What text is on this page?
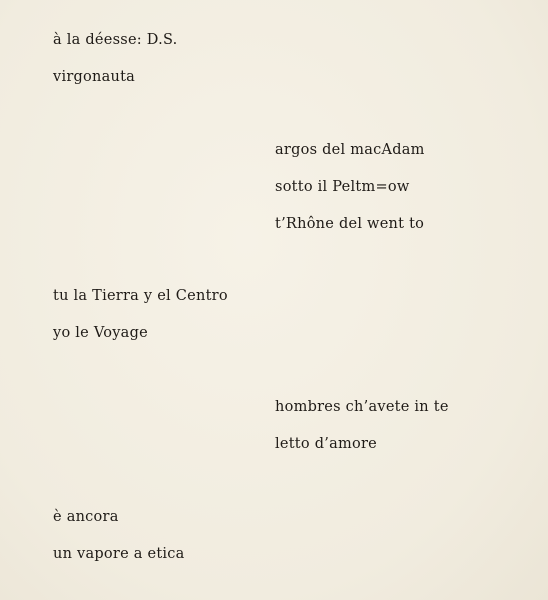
à la déesse: D.S.

virgonauta

argos del macAdam

sotto il Peltm=ow

t’Rhône del went to

tu la Tierra y el Centro

yo le Voyage

hombres ch’avete in te

letto d’amore

è ancora

un vapore a etica
